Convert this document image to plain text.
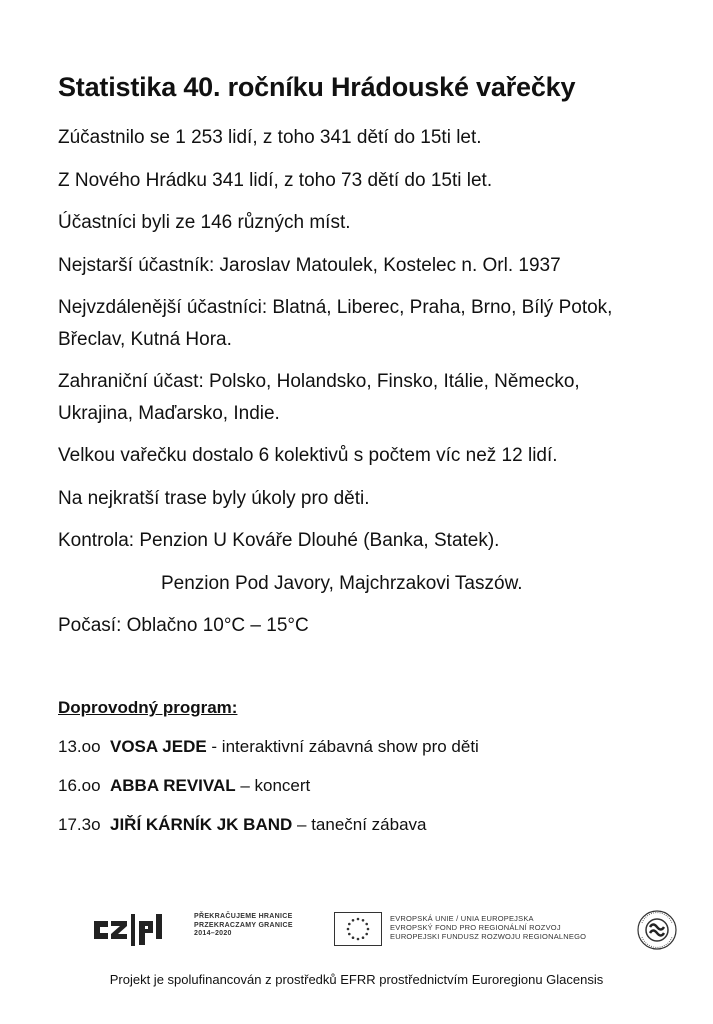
Statistika 40. ročníku Hrádouské vařečky
Zúčastnilo se 1 253 lidí, z toho 341 dětí do 15ti let.
Z Nového Hrádku 341 lidí, z toho 73 dětí do 15ti let.
Účastníci byli ze 146 různých míst.
Nejstarší účastník: Jaroslav Matoulek, Kostelec n. Orl. 1937
Nejvzdálenější účastníci: Blatná, Liberec, Praha, Brno, Bílý Potok,
Břeclav, Kutná Hora.
Zahraniční účast: Polsko, Holandsko, Finsko, Itálie, Německo,
Ukrajina, Maďarsko, Indie.
Velkou vařečku dostalo 6 kolektivů s počtem víc než 12 lidí.
Na nejkratší trase byly úkoly pro děti.
Kontrola: Penzion U Kováře Dlouhé (Banka, Statek).
Penzion Pod Javory, Majchrzakovi Taszów.
Počasí: Oblačno 10°C – 15°C
Doprovodný program:
13.oo VOSA JEDE - interaktivní zábavná show pro děti
16.oo ABBA REVIVAL – koncert
17.3o JIŘÍ KÁRNÍK JK BAND – taneční zábava
PŘEKRAČUJEME HRANICE
PRZEKRACZAMY GRANICE
2014–2020
EVROPSKÁ UNIE / UNIA EUROPEJSKA
EVROPSKÝ FOND PRO REGIONÁLNÍ ROZVOJ
EUROPEJSKI FUNDUSZ ROZWOJU REGIONALNEGO
Projekt je spolufinancován z prostředků EFRR prostřednictvím Euroregionu Glacensis
